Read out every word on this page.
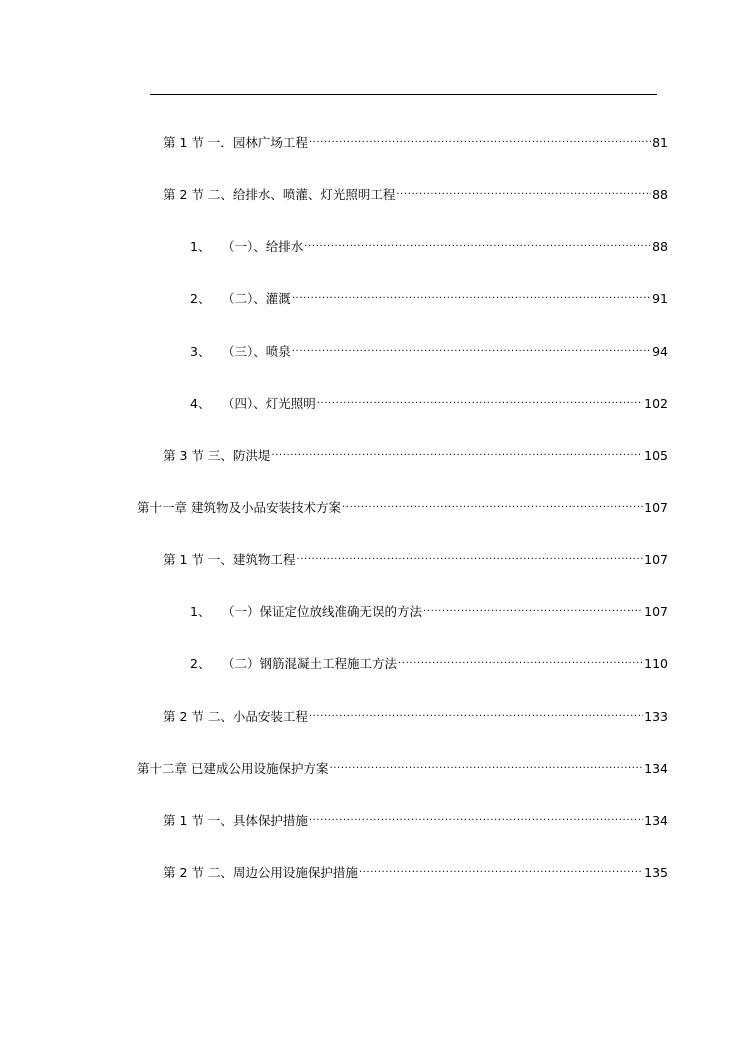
第 1 节 一．园林广场工程 .....	81
第 2 节 二、给排水、喷灌、灯光照明工程 .....	88
1、 （一）、给排水 .....	88
2、 （二）、灌溉 .....	91
3、 （三）、喷泉 .....	94
4、 （四）、灯光照明 .....	102
第 3 节 三、防洪堤 .....	105
第十一章 建筑物及小品安装技术方案 .....	107
第 1 节 一、建筑物工程 .....	107
1、 （一）保证定位放线准确无误的方法 .....	107
2、 （二）钢筋混凝土工程施工方法 .....	110
第 2 节 二、小品安装工程 .....	133
第十二章 已建成公用设施保护方案 .....	134
第 1 节 一、具体保护措施 .....	134
第 2 节 二、周边公用设施保护措施 .....	135
